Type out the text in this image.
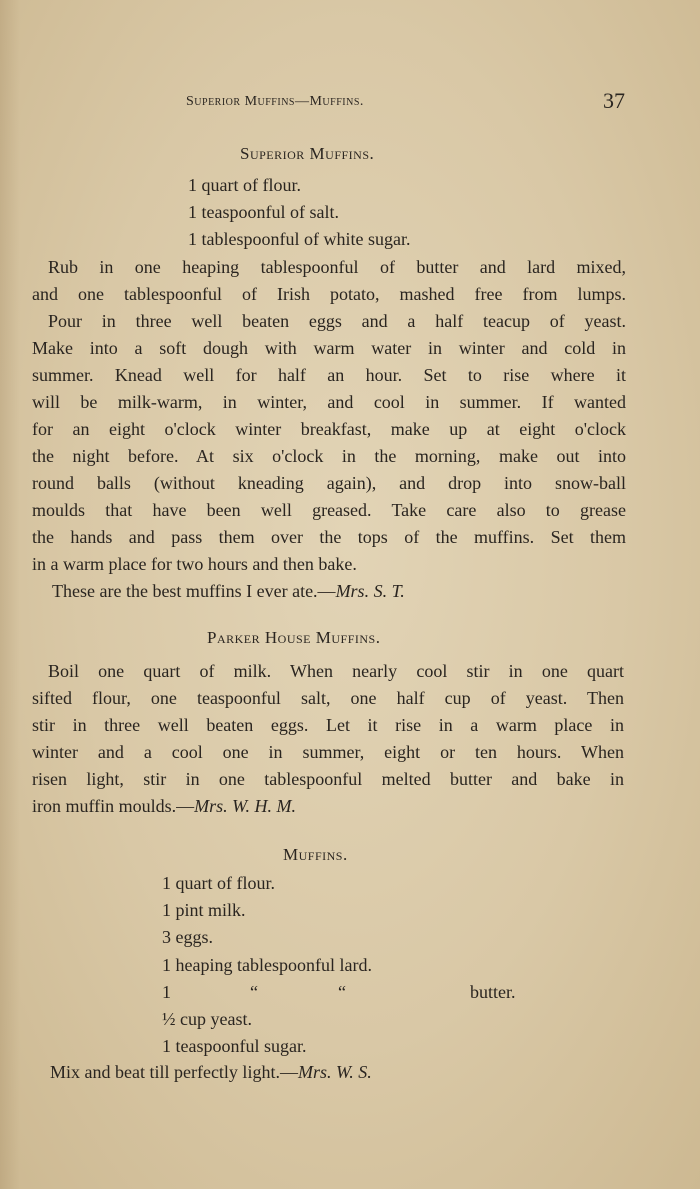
Superior Muffins—Muffins.	37
Superior Muffins.
1 quart of flour.
1 teaspoonful of salt.
1 tablespoonful of white sugar.
Rub in one heaping tablespoonful of butter and lard mixed,
and one tablespoonful of Irish potato, mashed free from lumps.
Pour in three well beaten eggs and a half teacup of yeast.
Make into a soft dough with warm water in winter and cold in
summer. Knead well for half an hour. Set to rise where it
will be milk-warm, in winter, and cool in summer. If wanted
for an eight o'clock winter breakfast, make up at eight o'clock
the night before. At six o'clock in the morning, make out into
round balls (without kneading again), and drop into snow-ball
moulds that have been well greased. Take care also to grease
the hands and pass them over the tops of the muffins. Set them
in a warm place for two hours and then bake.
These are the best muffins I ever ate.—Mrs. S. T.
Parker House Muffins.
Boil one quart of milk. When nearly cool stir in one quart
sifted flour, one teaspoonful salt, one half cup of yeast. Then
stir in three well beaten eggs. Let it rise in a warm place in
winter and a cool one in summer, eight or ten hours. When
risen light, stir in one tablespoonful melted butter and bake in
iron muffin moulds.—Mrs. W. H. M.
Muffins.
1 quart of flour.
1 pint milk.
3 eggs.
1 heaping tablespoonful lard.
1	“	“	butter.
½ cup yeast.
1 teaspoonful sugar.
Mix and beat till perfectly light.—Mrs. W. S.
